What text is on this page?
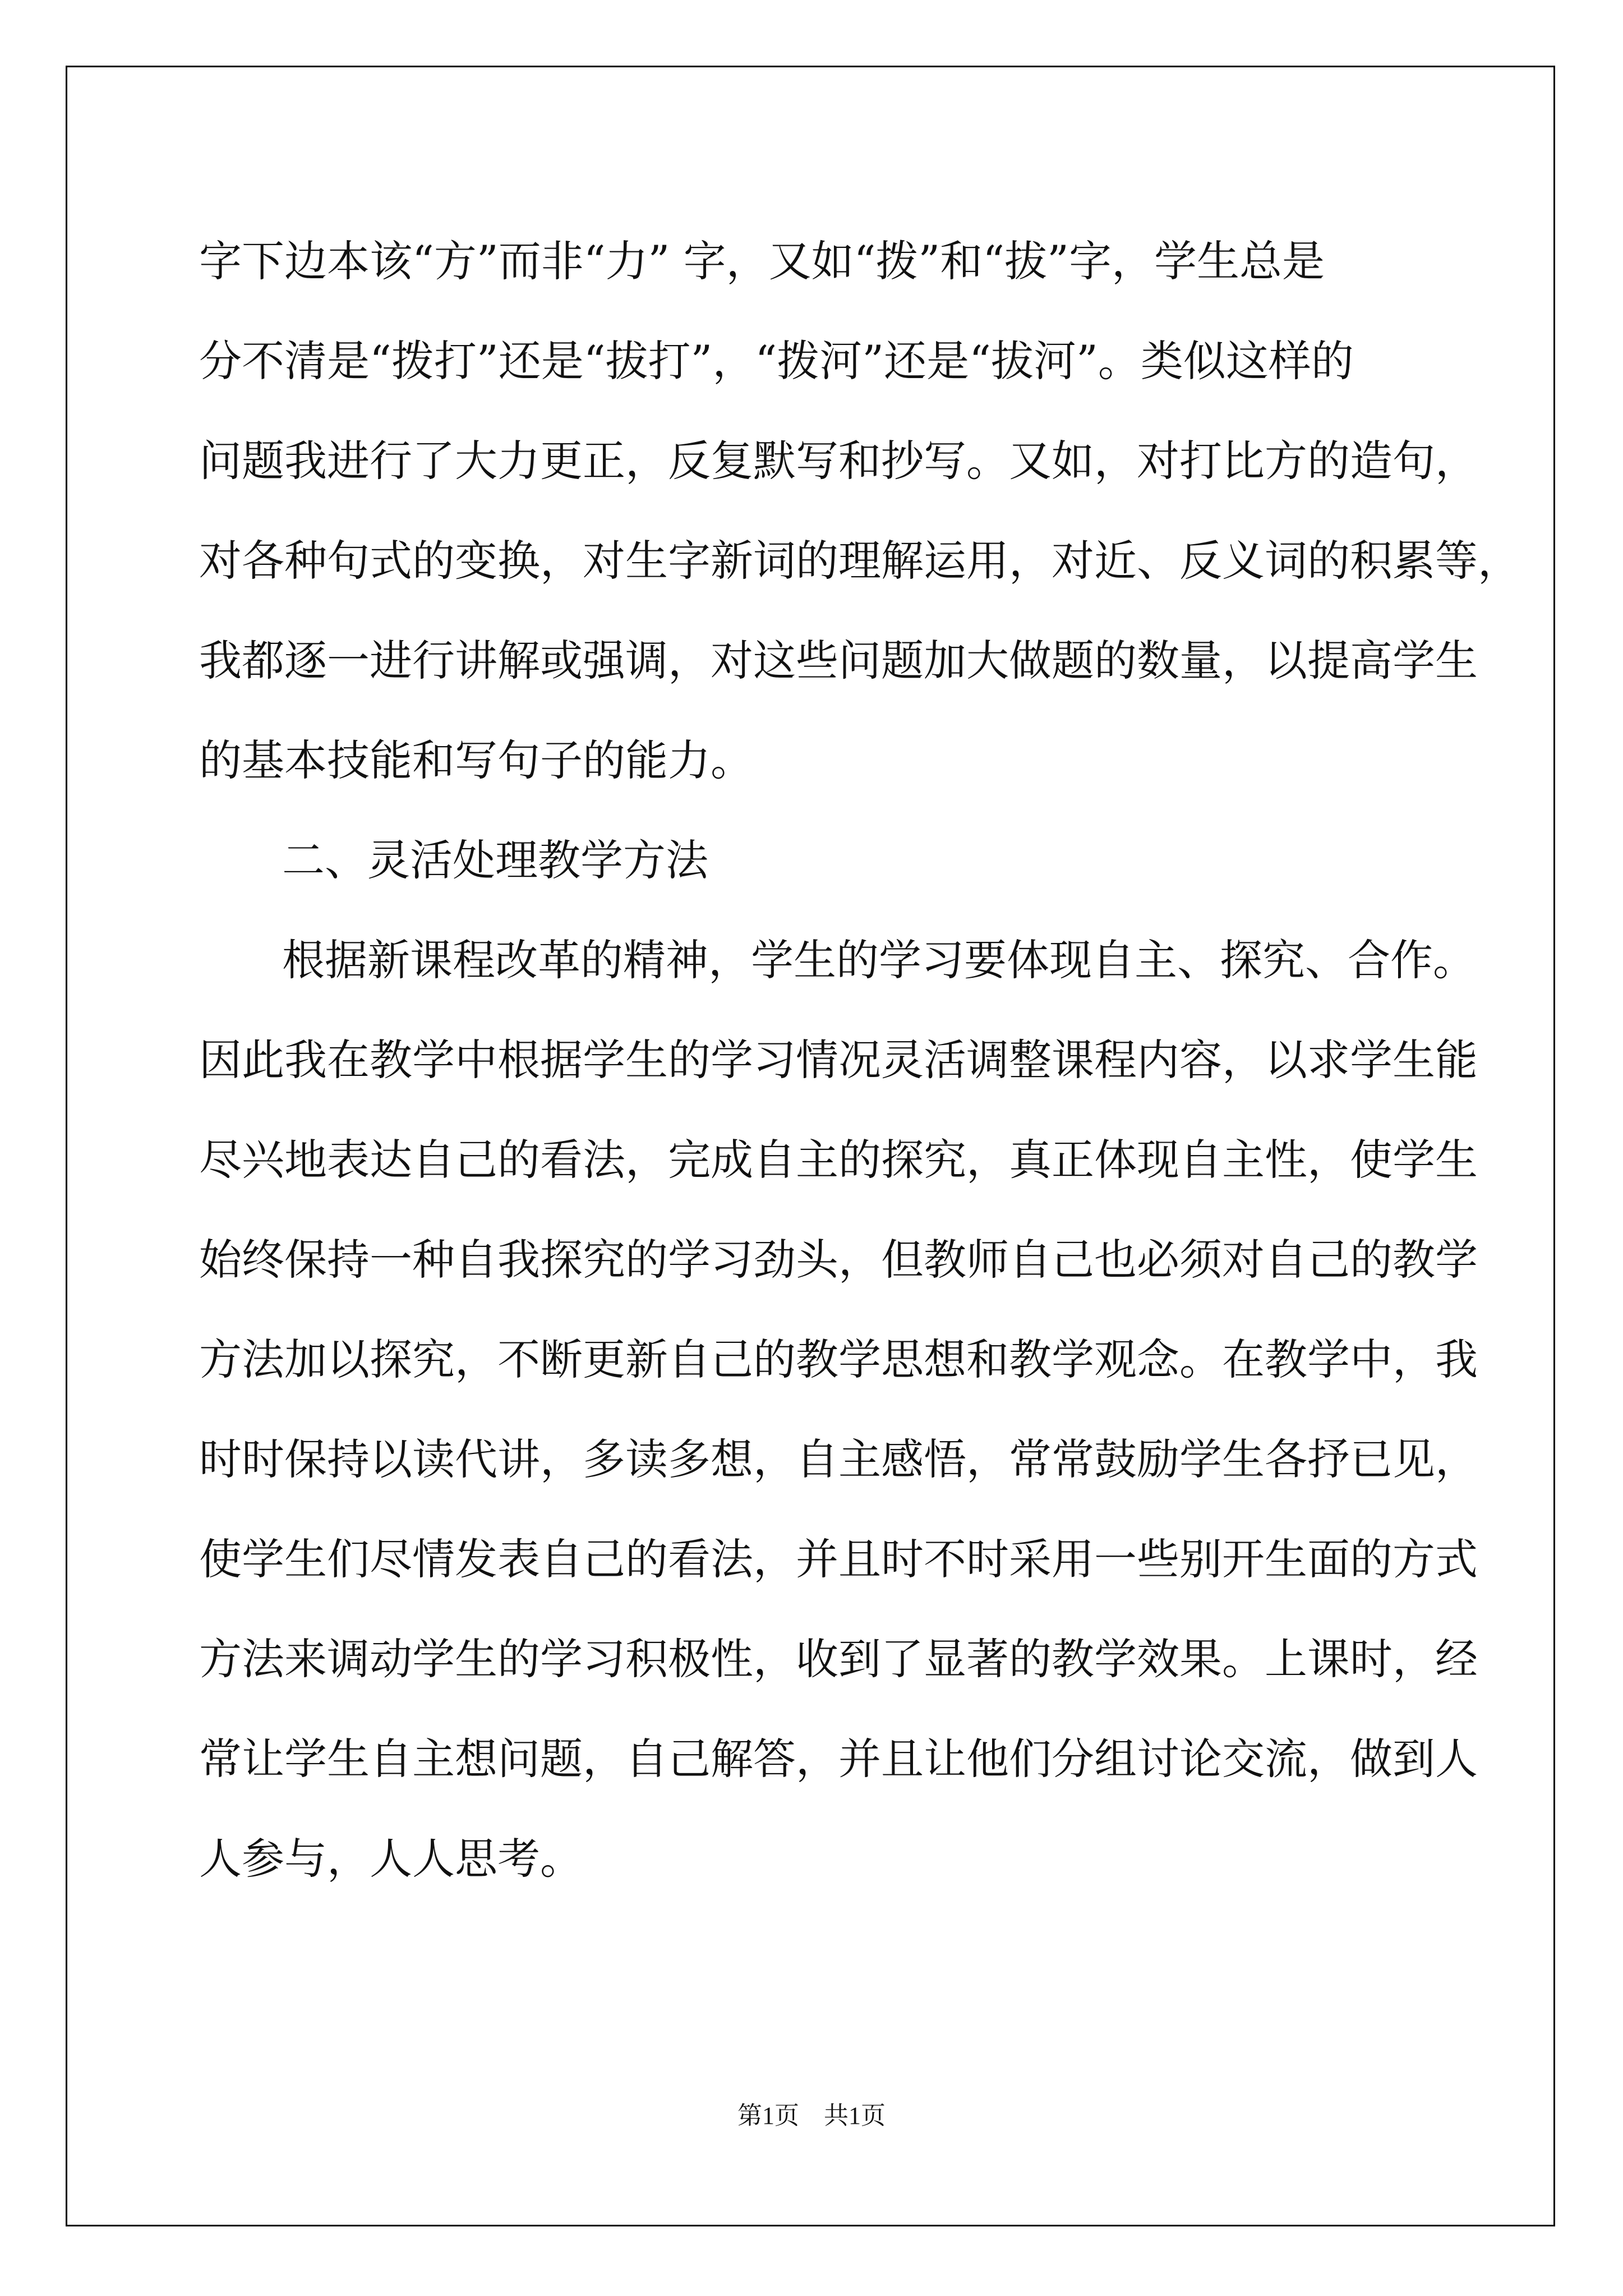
字下边本该“方”而非“力” 字，又如“拨”和“拔”字，学生总是
分不清是“拨打”还是“拔打”，“拨河”还是“拔河”。类似这样的
问题我进行了大力更正，反复默写和抄写。又如，对打比方的造句，
对各种句式的变换，对生字新词的理解运用，对近、反义词的积累等，
我都逐一进行讲解或强调，对这些问题加大做题的数量，以提高学生
的基本技能和写句子的能力。
二、灵活处理教学方法
根据新课程改革的精神，学生的学习要体现自主、探究、合作。
因此我在教学中根据学生的学习情况灵活调整课程内容，以求学生能
尽兴地表达自己的看法，完成自主的探究，真正体现自主性，使学生
始终保持一种自我探究的学习劲头，但教师自己也必须对自己的教学
方法加以探究，不断更新自己的教学思想和教学观念。在教学中，我
时时保持以读代讲，多读多想，自主感悟，常常鼓励学生各抒已见，
使学生们尽情发表自己的看法，并且时不时采用一些别开生面的方式
方法来调动学生的学习积极性，收到了显著的教学效果。上课时，经
常让学生自主想问题，自己解答，并且让他们分组讨论交流，做到人
人参与，人人思考。
第1页　共1页
